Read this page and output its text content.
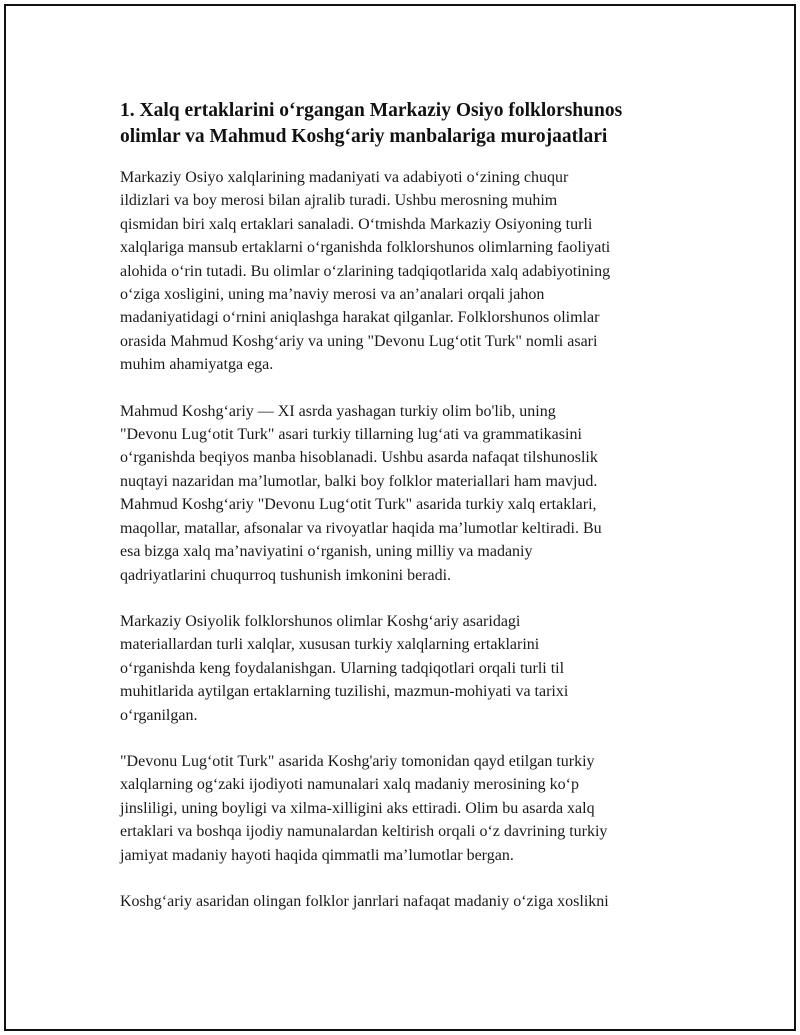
1. Xalq ertaklarini o‘rgangan Markaziy Osiyo folklorshunos
olimlar va Mahmud Koshg‘ariy manbalariga murojaatlari

Markaziy Osiyo xalqlarining madaniyati va adabiyoti o‘zining chuqur
ildizlari va boy merosi bilan ajralib turadi. Ushbu merosning muhim
qismidan biri xalq ertaklari sanaladi. O‘tmishda Markaziy Osiyoning turli
xalqlariga mansub ertaklarni o‘rganishda folklorshunos olimlarning faoliyati
alohida o‘rin tutadi. Bu olimlar o‘zlarining tadqiqotlarida xalq adabiyotining
o‘ziga xosligini, uning ma’naviy merosi va an’analari orqali jahon
madaniyatidagi o‘rnini aniqlashga harakat qilganlar. Folklorshunos olimlar
orasida Mahmud Koshg‘ariy va uning "Devonu Lug‘otit Turk" nomli asari
muhim ahamiyatga ega.

Mahmud Koshg‘ariy — XI asrda yashagan turkiy olim bo'lib, uning
"Devonu Lug‘otit Turk" asari turkiy tillarning lug‘ati va grammatikasini
o‘rganishda beqiyos manba hisoblanadi. Ushbu asarda nafaqat tilshunoslik
nuqtayi nazaridan ma’lumotlar, balki boy folklor materiallari ham mavjud.
Mahmud Koshg‘ariy "Devonu Lug‘otit Turk" asarida turkiy xalq ertaklari,
maqollar, matallar, afsonalar va rivoyatlar haqida ma’lumotlar keltiradi. Bu
esa bizga xalq ma’naviyatini o‘rganish, uning milliy va madaniy
qadriyatlarini chuqurroq tushunish imkonini beradi.

Markaziy Osiyolik folklorshunos olimlar Koshg‘ariy asaridagi
materiallardan turli xalqlar, xususan turkiy xalqlarning ertaklarini
o‘rganishda keng foydalanishgan. Ularning tadqiqotlari orqali turli til
muhitlarida aytilgan ertaklarning tuzilishi, mazmun-mohiyati va tarixi
o‘rganilgan.

"Devonu Lug‘otit Turk" asarida Koshg'ariy tomonidan qayd etilgan turkiy
xalqlarning og‘zaki ijodiyoti namunalari xalq madaniy merosining ko‘p
jinsliligi, uning boyligi va xilma-xilligini aks ettiradi. Olim bu asarda xalq
ertaklari va boshqa ijodiy namunalardan keltirish orqali o‘z davrining turkiy
jamiyat madaniy hayoti haqida qimmatli ma’lumotlar bergan.

Koshg‘ariy asaridan olingan folklor janrlari nafaqat madaniy o‘ziga xoslikni
